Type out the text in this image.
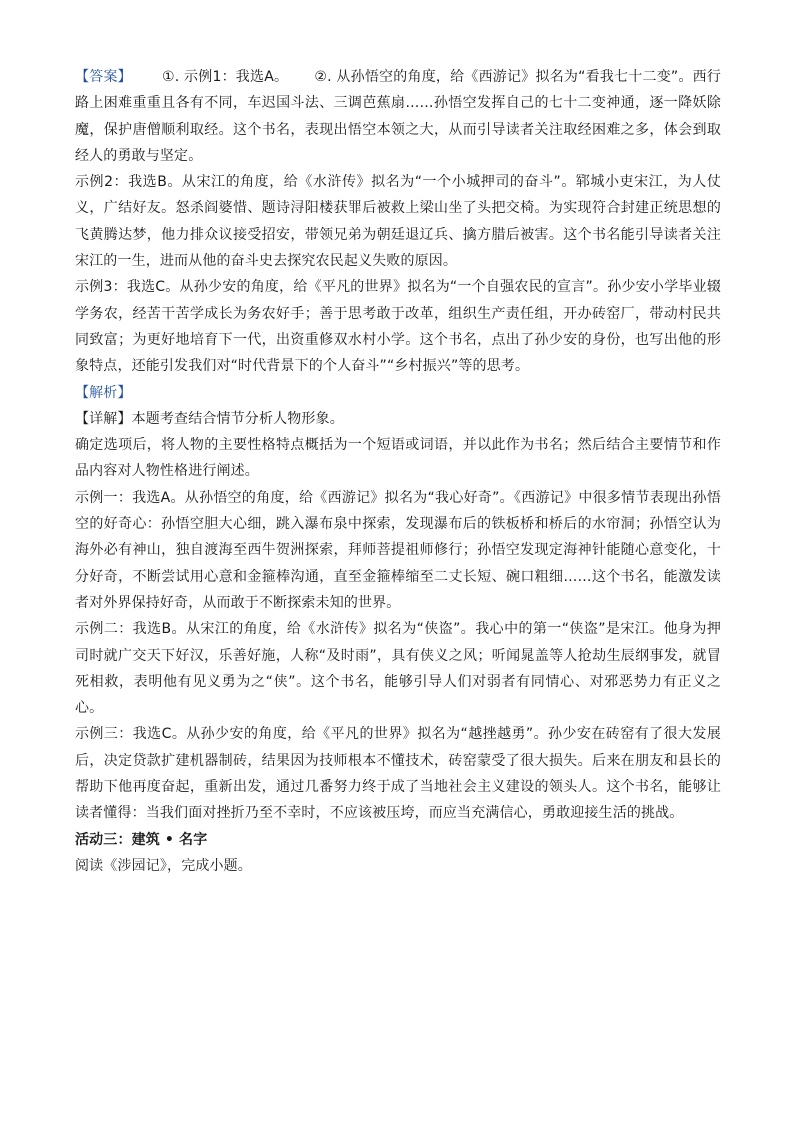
【答案】 ①. 示例1：我选A。 ②. 从孙悟空的角度，给《西游记》拟名为“看我七十二变”。西行路上困难重重且各有不同，车迟国斗法、三调芭蕉扇……孙悟空发挥自己的七十二变神通，逐一降妖除魔，保护唐僧顺利取经。这个书名，表现出悟空本领之大，从而引导读者关注取经困难之多，体会到取经人的勇敢与坚定。

示例2：我选B。从宋江的角度，给《水浒传》拟名为“一个小城押司的奋斗”。郓城小吏宋江，为人仗义，广结好友。怒杀阎婆惜、题诗浔阳楼获罪后被救上梁山坐了头把交椅。为实现符合封建正统思想的飞黄腾达梦，他力排众议接受招安，带领兄弟为朝廷退辽兵、擒方腊后被害。这个书名能引导读者关注宋江的一生，进而从他的奋斗史去探究农民起义失败的原因。

示例3：我选C。从孙少安的角度，给《平凡的世界》拟名为“一个自强农民的宣言”。孙少安小学毕业辍学务农，经苦干苦学成长为务农好手；善于思考敢于改革，组织生产责任组，开办砖窑厂，带动村民共同致富；为更好地培育下一代，出资重修双水村小学。这个书名，点出了孙少安的身份，也写出他的形象特点，还能引发我们对“时代背景下的个人奋斗”“乡村振兴”等的思考。

【解析】

【详解】本题考查结合情节分析人物形象。

确定选项后，将人物的主要性格特点概括为一个短语或词语，并以此作为书名；然后结合主要情节和作品内容对人物性格进行阐述。

示例一：我选A。从孙悟空的角度，给《西游记》拟名为“我心好奇”。《西游记》中很多情节表现出孙悟空的好奇心：孙悟空胆大心细，跳入瀑布泉中探索，发现瀑布后的铁板桥和桥后的水帘洞；孙悟空认为海外必有神山，独自渡海至西牛贺洲探索，拜师菩提祖师修行；孙悟空发现定海神针能随心意变化，十分好奇，不断尝试用心意和金箍棒沟通，直至金箍棒缩至二丈长短、碗口粗细……这个书名，能激发读者对外界保持好奇，从而敢于不断探索未知的世界。

示例二：我选B。从宋江的角度，给《水浒传》拟名为“侠盗”。我心中的第一“侠盗”是宋江。他身为押司时就广交天下好汉，乐善好施，人称“及时雨”，具有侠义之风；听闻晁盖等人抢劫生辰纲事发，就冒死相救，表明他有见义勇为之“侠”。这个书名，能够引导人们对弱者有同情心、对邪恶势力有正义之心。

示例三：我选C。从孙少安的角度，给《平凡的世界》拟名为“越挫越勇”。孙少安在砖窑有了很大发展后，决定贷款扩建机器制砖，结果因为技师根本不懂技术，砖窑蒙受了很大损失。后来在朋友和县长的帮助下他再度奋起，重新出发，通过几番努力终于成了当地社会主义建设的领头人。这个书名，能够让读者懂得：当我们面对挫折乃至不幸时，不应该被压垮，而应当充满信心，勇敢迎接生活的挑战。

活动三：建筑 • 名字

阅读《涉园记》，完成小题。
